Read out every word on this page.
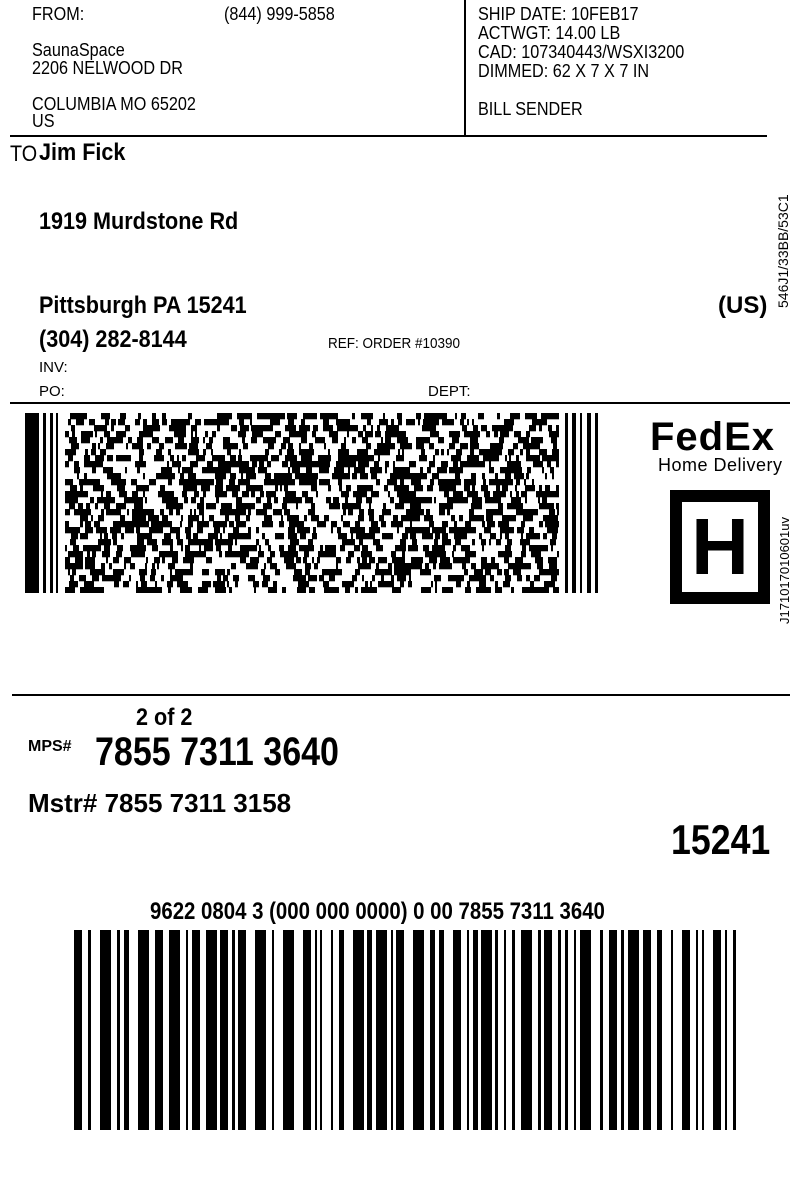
FROM:	(844) 999-5858
SaunaSpace
2206 NELWOOD DR
COLUMBIA MO 65202
US
SHIP DATE: 10FEB17
ACTWGT: 14.00 LB
CAD: 107340443/WSXI3200
DIMMED: 62 X 7 X 7 IN
BILL SENDER
TO Jim Fick
1919 Murdstone Rd
Pittsburgh PA 15241	(US)
(304) 282-8144	REF: ORDER #10390
INV:
PO:	DEPT:
546J1/33BB/53C1
FedEx
Home Delivery
H	J171017010601uv
2 of 2
MPS# 7855 7311 3640
Mstr# 7855 7311 3158
15241
9622 0804 3 (000 000 0000) 0 00 7855 7311 3640
